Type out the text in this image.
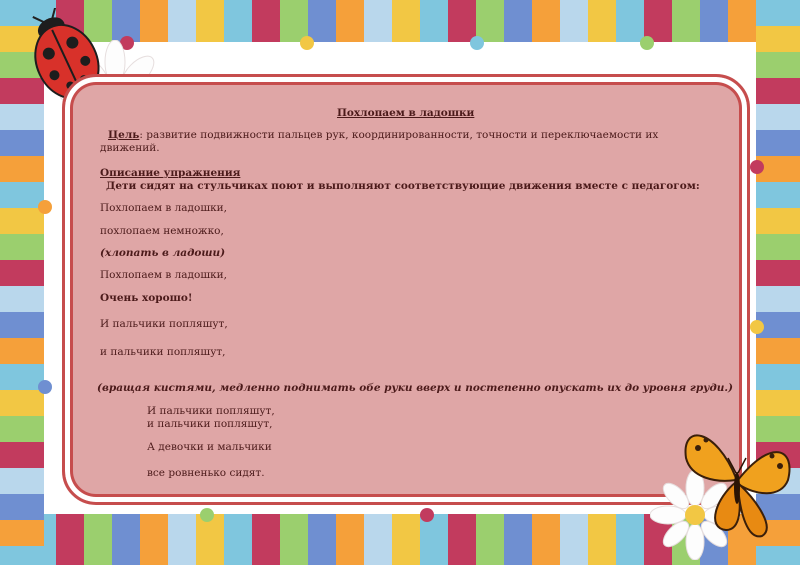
Похлопаем в ладошки
Цель: развитие подвижности пальцев рук, координированности, точности и переключаемости их
движений.
Описание упражнения
Дети сидят на стульчиках поют и выполняют соответствующие движения вместе с педагогом:
Похлопаем в ладошки,
похлопаем немножко,
(хлопать в ладоши)
Похлопаем в ладошки,
Очень хорошо!
И пальчики попляшут,
и пальчики попляшут,
(вращая кистями, медленно поднимать обе руки вверх и постепенно опускать их до уровня груди.)
И пальчики попляшут,
и пальчики попляшут,
А девочки и мальчики
все ровненько сидят.
